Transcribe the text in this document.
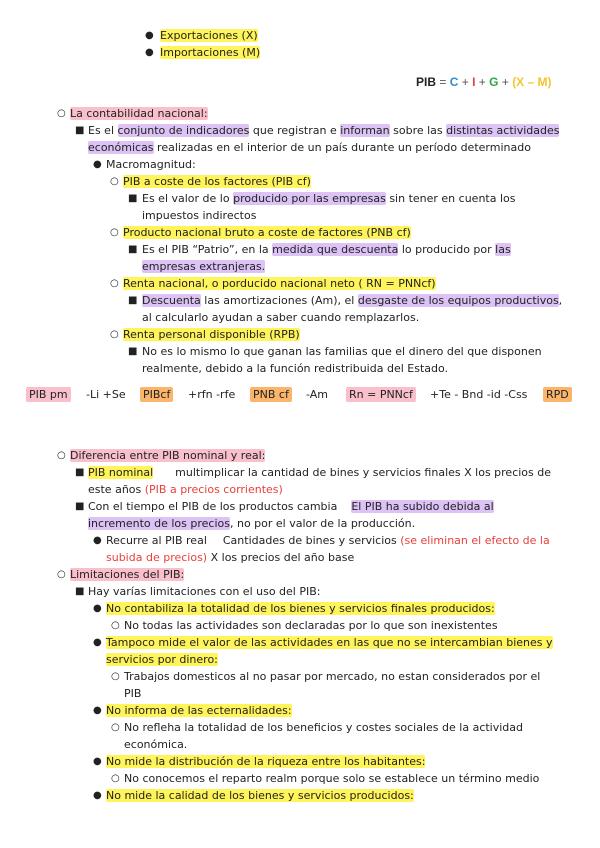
● Exportaciones (X)
● Importaciones (M)
PIB = C + I + G + (X – M)
○ La contabilidad nacional:
■ Es el conjunto de indicadores que registran e informan sobre las distintas actividades
económicas realizadas en el interior de un país durante un período determinado
● Macromagnitud:
○ PIB a coste de los factores (PIB cf)
■ Es el valor de lo producido por las empresas sin tener en cuenta los
impuestos indirectos
○ Producto nacional bruto a coste de factores (PNB cf)
■ Es el PIB “Patrio”, en la medida que descuenta lo producido por las
empresas extranjeras.
○ Renta nacional, o porducido nacional neto ( RN = PNNcf)
■ Descuenta las amortizaciones (Am), el desgaste de los equipos productivos,
al calcularlo ayudan a saber cuando remplazarlos.
○ Renta personal disponible (RPB)
■ No es lo mismo lo que ganan las familias que el dinero del que disponen
realmente, debido a la función redistribuida del Estado.
PIB pm -Li +Se PIBcf +rfn -rfe PNB cf -Am Rn = PNNcf +Te - Bnd -id -Css RPD
○ Diferencia entre PIB nominal y real:
■ PIB nominal multimplicar la cantidad de bines y servicios finales X los precios de
este años (PIB a precios corrientes)
■ Con el tiempo el PIB de los productos cambia El PIB ha subido debida al
incremento de los precios, no por el valor de la producción.
● Recurre al PIB real Cantidades de bines y servicios (se eliminan el efecto de la
subida de precios) X los precios del año base
○ Limitaciones del PIB:
■ Hay varías limitaciones con el uso del PIB:
● No contabiliza la totalidad de los bienes y servicios finales producidos:
○ No todas las actividades son declaradas por lo que son inexistentes
● Tampoco mide el valor de las actividades en las que no se intercambian bienes y
servicios por dinero:
○ Trabajos domesticos al no pasar por mercado, no estan considerados por el
PIB
● No informa de las ecternalidades:
○ No refleha la totalidad de los beneficios y costes sociales de la actividad
económica.
● No mide la distribución de la riqueza entre los habitantes:
○ No conocemos el reparto realm porque solo se establece un término medio
● No mide la calidad de los bienes y servicios producidos:
